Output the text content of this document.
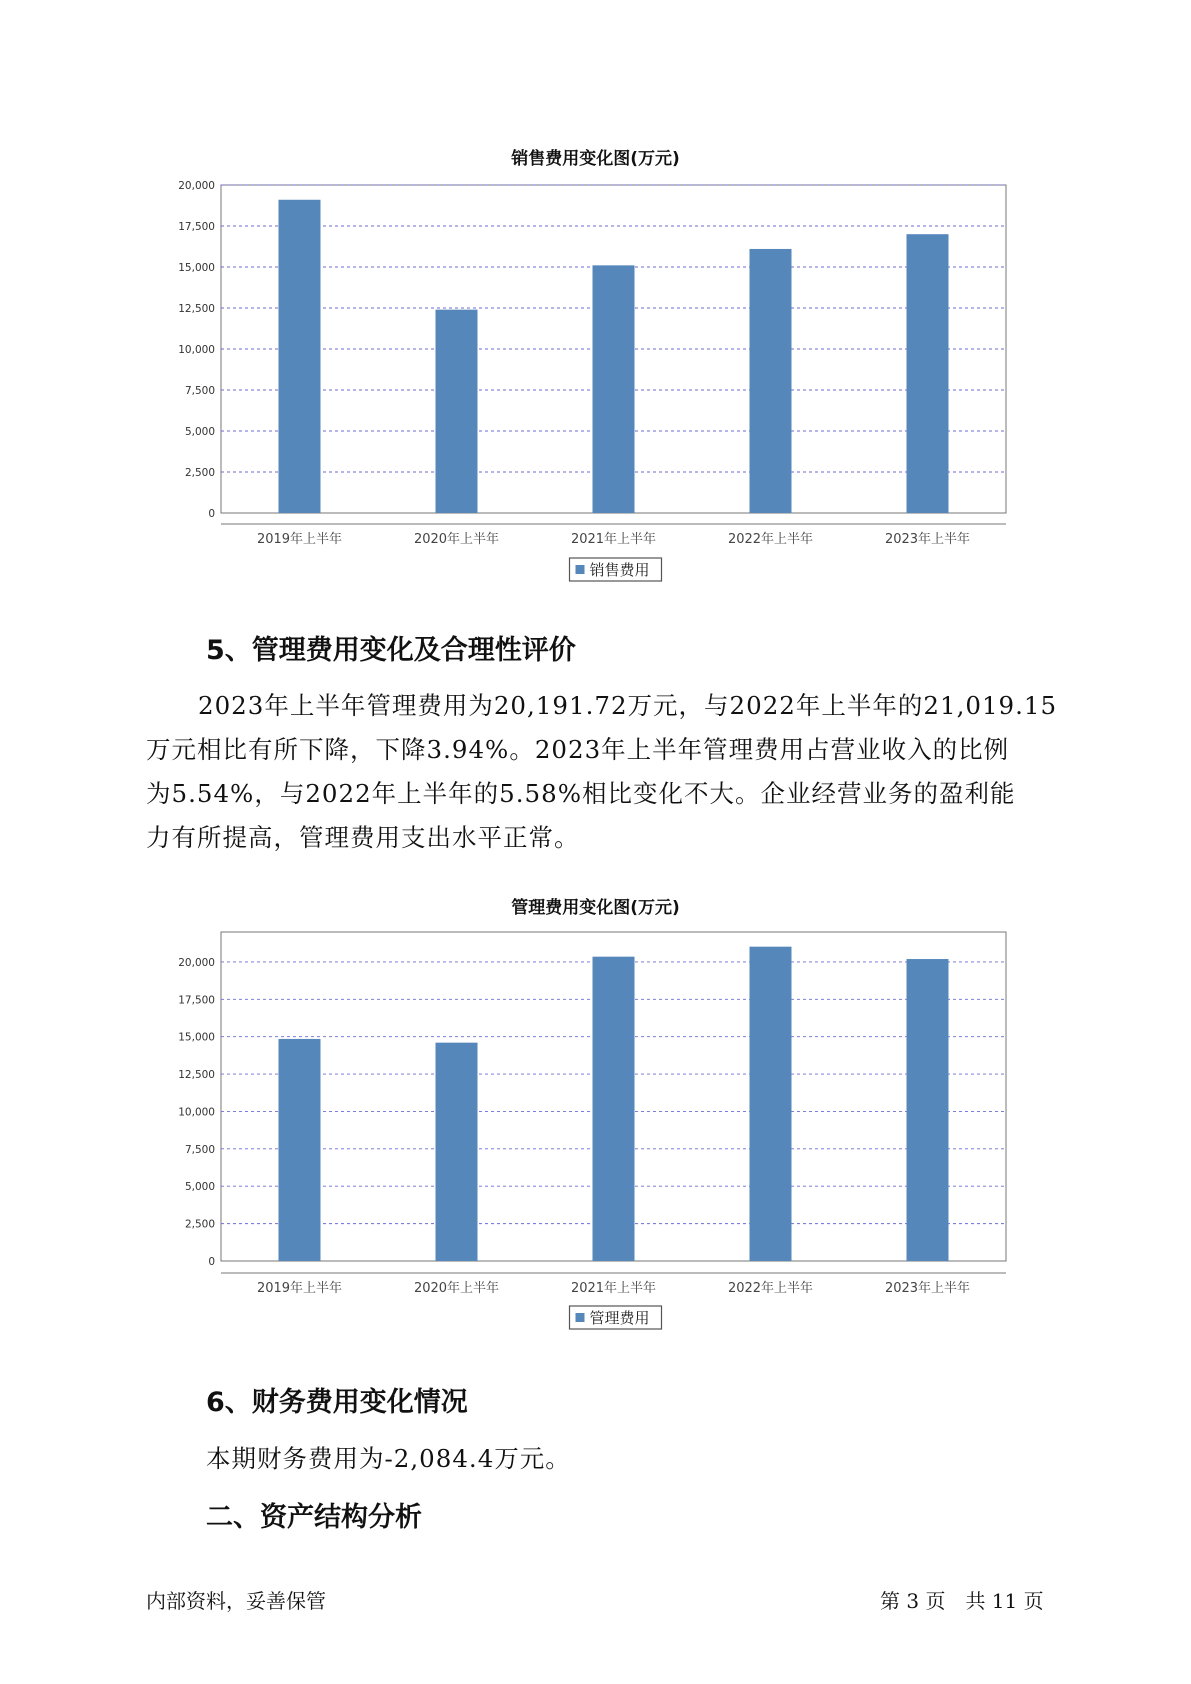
销售费用变化图(万元)
0
2,500
5,000
7,500
10,000
12,500
15,000
17,500
20,000
2019年上半年	2020年上半年	2021年上半年	2022年上半年	2023年上半年
销售费用
5、管理费用变化及合理性评价
2023年上半年管理费用为20,191.72万元，与2022年上半年的21,019.15
万元相比有所下降，下降3.94%。2023年上半年管理费用占营业收入的比例
为5.54%，与2022年上半年的5.58%相比变化不大。企业经营业务的盈利能
力有所提高，管理费用支出水平正常。
管理费用变化图(万元)
0
2,500
5,000
7,500
10,000
12,500
15,000
17,500
20,000
2019年上半年	2020年上半年	2021年上半年	2022年上半年	2023年上半年
管理费用
6、财务费用变化情况
本期财务费用为-2,084.4万元。
二、资产结构分析
内部资料，妥善保管	第 3 页　共 11 页
